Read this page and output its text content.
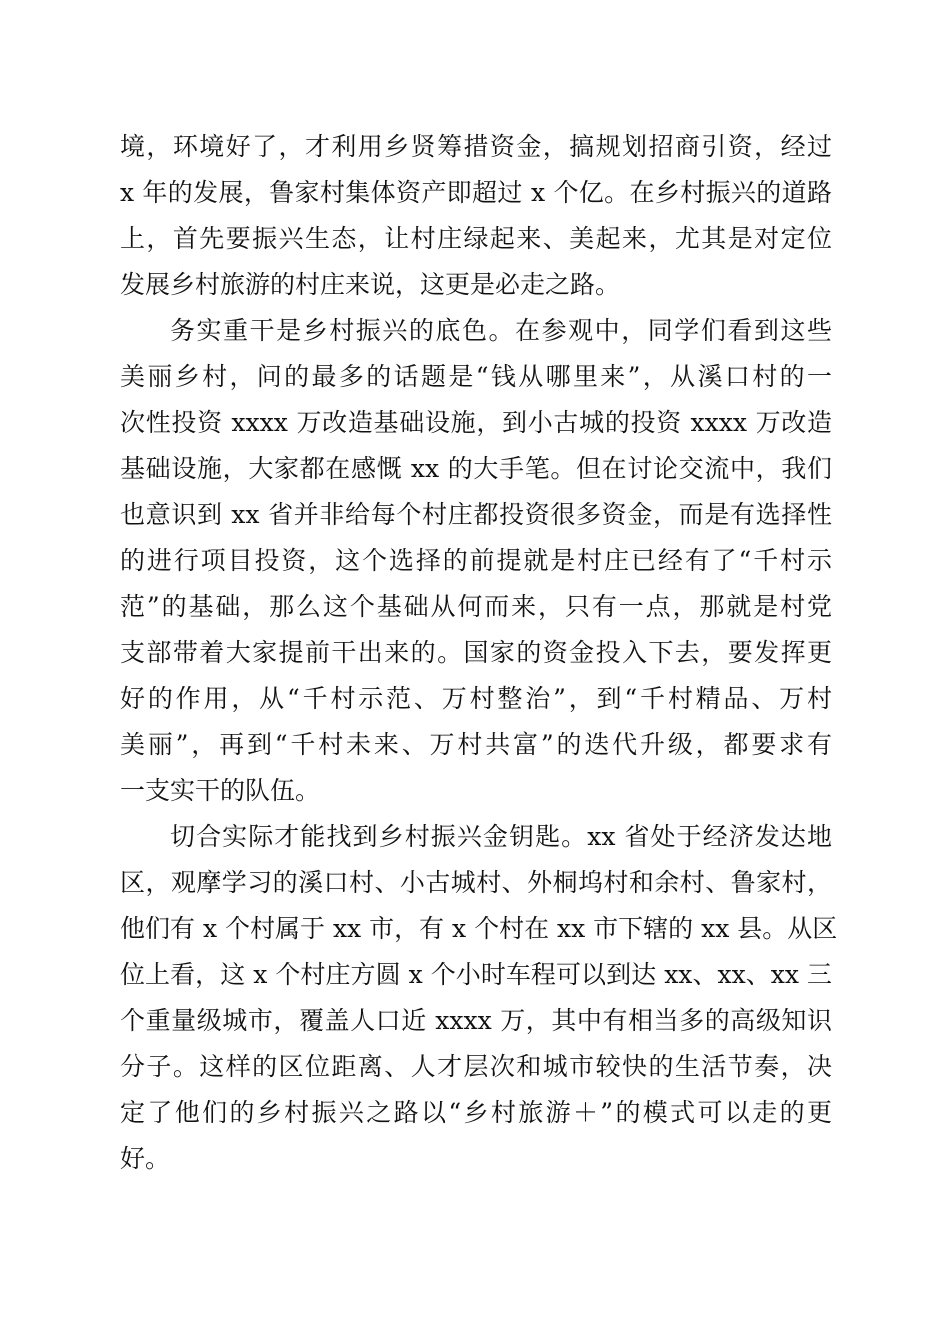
境，环境好了，才利用乡贤筹措资金，搞规划招商引资，经过
x 年的发展，鲁家村集体资产即超过 x 个亿。在乡村振兴的道路
上，首先要振兴生态，让村庄绿起来、美起来，尤其是对定位
发展乡村旅游的村庄来说，这更是必走之路。
务实重干是乡村振兴的底色。在参观中，同学们看到这些
美丽乡村，问的最多的话题是“钱从哪里来”，从溪口村的一
次性投资 xxxx 万改造基础设施，到小古城的投资 xxxx 万改造
基础设施，大家都在感慨 xx 的大手笔。但在讨论交流中，我们
也意识到 xx 省并非给每个村庄都投资很多资金，而是有选择性
的进行项目投资，这个选择的前提就是村庄已经有了“千村示
范”的基础，那么这个基础从何而来，只有一点，那就是村党
支部带着大家提前干出来的。国家的资金投入下去，要发挥更
好的作用，从“千村示范、万村整治”，到“千村精品、万村
美丽”，再到“千村未来、万村共富”的迭代升级，都要求有
一支实干的队伍。
切合实际才能找到乡村振兴金钥匙。xx 省处于经济发达地
区，观摩学习的溪口村、小古城村、外桐坞村和余村、鲁家村，
他们有 x 个村属于 xx 市，有 x 个村在 xx 市下辖的 xx 县。从区
位上看，这 x 个村庄方圆 x 个小时车程可以到达 xx、xx、xx 三
个重量级城市，覆盖人口近 xxxx 万，其中有相当多的高级知识
分子。这样的区位距离、人才层次和城市较快的生活节奏，决
定了他们的乡村振兴之路以“乡村旅游＋”的模式可以走的更
好。
